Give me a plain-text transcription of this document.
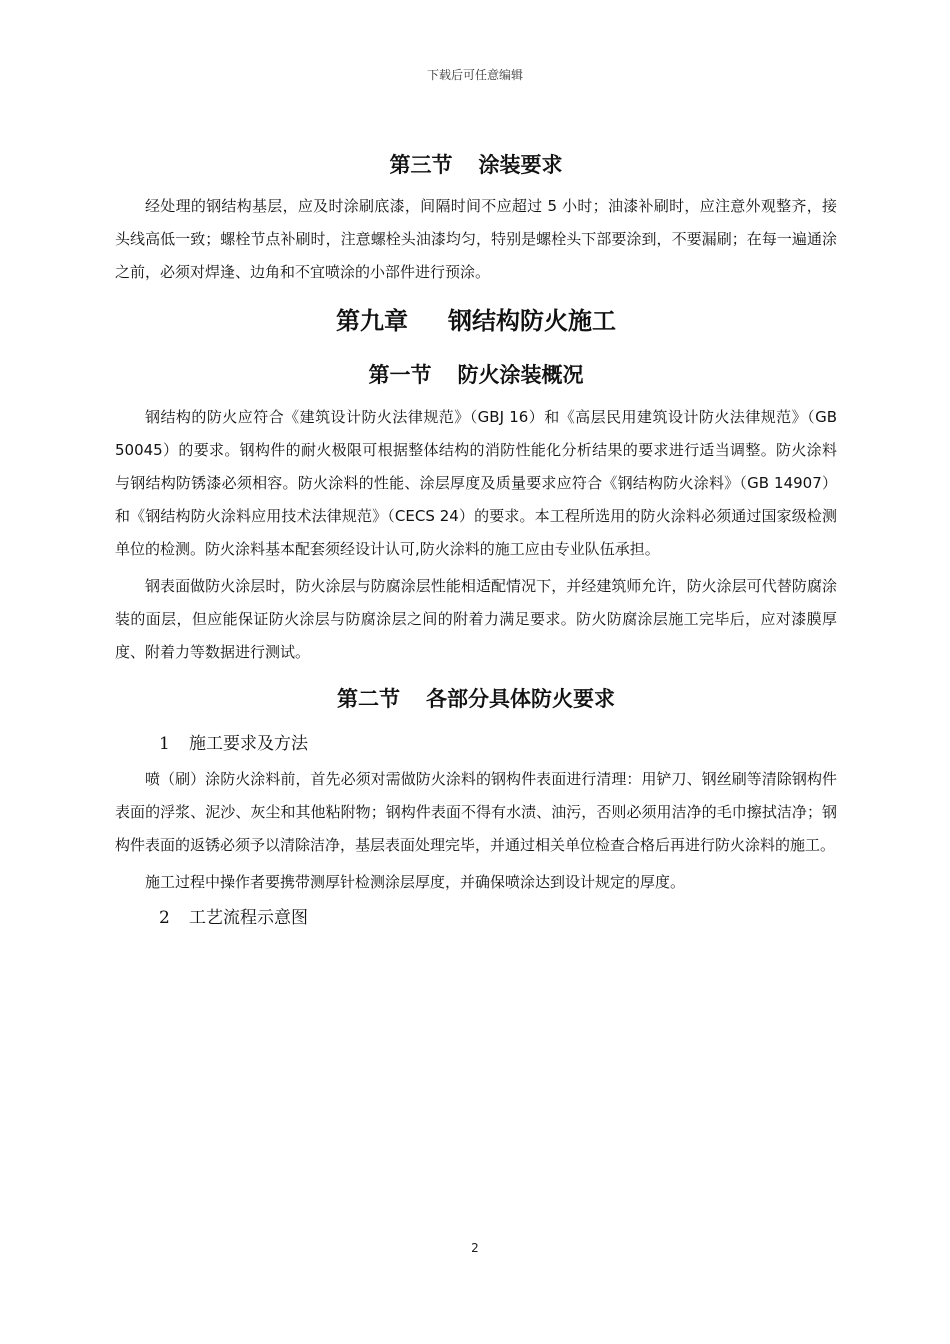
下载后可任意编辑
第三节 涂装要求

经处理的钢结构基层，应及时涂刷底漆，间隔时间不应超过 5 小时；油漆补刷时，应注意外观整齐，接头线高低一致；螺栓节点补刷时，注意螺栓头油漆均匀，特别是螺栓头下部要涂到，不要漏刷；在每一遍通涂之前，必须对焊逢、边角和不宜喷涂的小部件进行预涂。

第九章 钢结构防火施工
第一节 防火涂装概况

钢结构的防火应符合《建筑设计防火法律规范》（GBJ 16）和《高层民用建筑设计防火法律规范》（GB 50045）的要求。钢构件的耐火极限可根据整体结构的消防性能化分析结果的要求进行适当调整。防火涂料与钢结构防锈漆必须相容。防火涂料的性能、涂层厚度及质量要求应符合《钢结构防火涂料》（GB 14907）和《钢结构防火涂料应用技术法律规范》（CECS 24）的要求。本工程所选用的防火涂料必须通过国家级检测单位的检测。防火涂料基本配套须经设计认可,防火涂料的施工应由专业队伍承担。

钢表面做防火涂层时，防火涂层与防腐涂层性能相适配情况下，并经建筑师允许，防火涂层可代替防腐涂装的面层，但应能保证防火涂层与防腐涂层之间的附着力满足要求。防火防腐涂层施工完毕后，应对漆膜厚度、附着力等数据进行测试。

第二节 各部分具体防火要求
1 施工要求及方法

喷（刷）涂防火涂料前，首先必须对需做防火涂料的钢构件表面进行清理：用铲刀、钢丝刷等清除钢构件表面的浮浆、泥沙、灰尘和其他粘附物；钢构件表面不得有水渍、油污，否则必须用洁净的毛巾擦拭洁净；钢构件表面的返锈必须予以清除洁净，基层表面处理完毕，并通过相关单位检查合格后再进行防火涂料的施工。

施工过程中操作者要携带测厚针检测涂层厚度，并确保喷涂达到设计规定的厚度。

2 工艺流程示意图
2
